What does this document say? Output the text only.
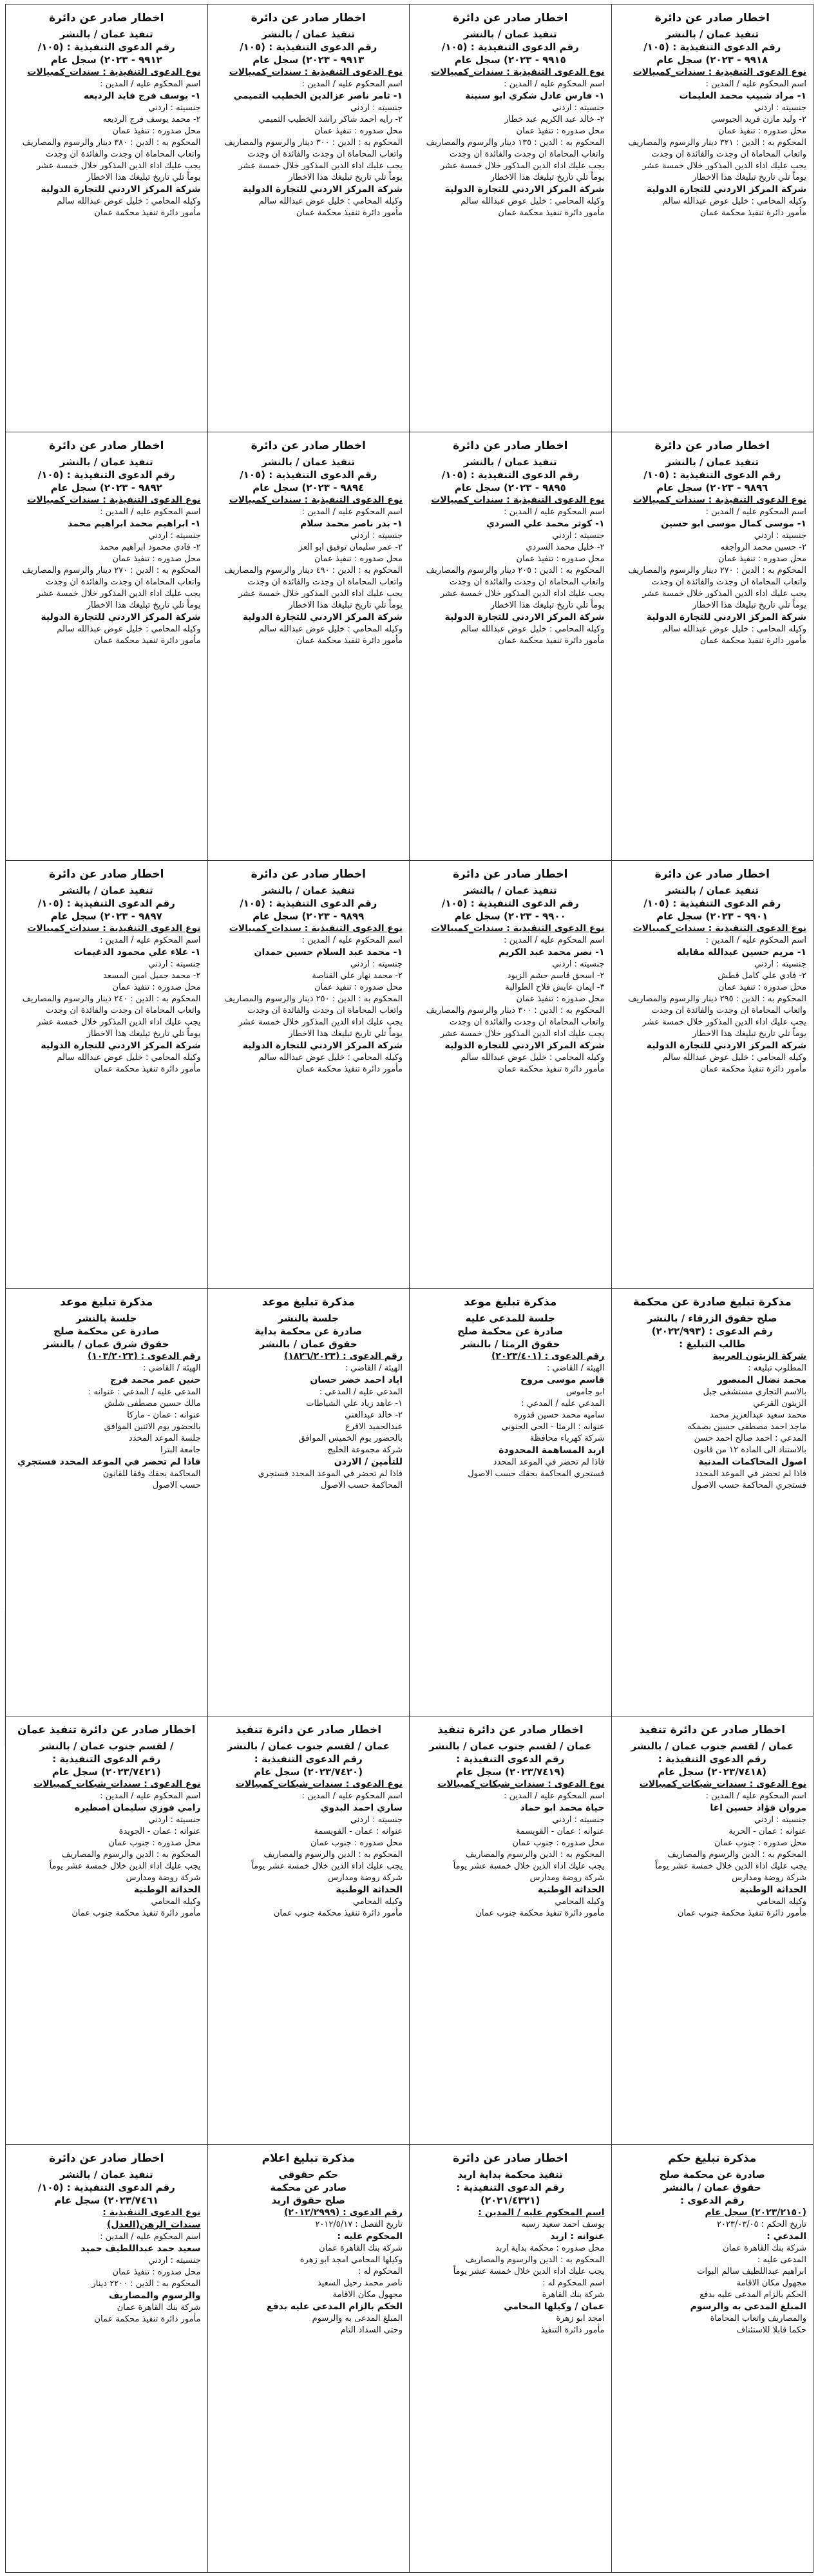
اخطار صادر عن دائرة

تنفيذ عمان / بالنشر

رقم الدعوى التنفيذية : (١٠٥/

٩٩١٢ - ٢٠٢٣) سجل عام

نوع الدعوى التنفيذية : سندات_كمبيالات

اسم المحكوم عليه / المدين :

١- يوسف فرج فايد الرديعه

جنسيته : اردني

٢- محمد يوسف فرج الرديعه

محل صدوره : تنفيذ عمان

المحكوم به : الدين : ٣٨٠ دينار والرسوم والمصاريف

واتعاب المحاماة ان وجدت والفائدة ان وجدت

يجب عليك اداء الدين المذكور خلال خمسة عشر

يوماً تلي تاريخ تبليغك هذا الاخطار

شركة المركز الاردني للتجارة الدولية

وكيله المحامي : خليل عوض عبدالله سالم

مأمور دائرة تنفيذ محكمة عمان

اخطار صادر عن دائرة

تنفيذ عمان / بالنشر

رقم الدعوى التنفيذية : (١٠٥/

٩٩١٣ - ٢٠٢٣) سجل عام

نوع الدعوى التنفيذية : سندات_كمبيالات

اسم المحكوم عليه / المدين :

١- ثامر ناصر عزالدين الخطيب التميمي

جنسيته : اردني

٢- رايه احمد شاكر راشد الخطيب التميمي

محل صدوره : تنفيذ عمان

المحكوم به : الدين : ٣٠٠ دينار والرسوم والمصاريف

واتعاب المحاماة ان وجدت والفائدة ان وجدت

يجب عليك اداء الدين المذكور خلال خمسة عشر

يوماً تلي تاريخ تبليغك هذا الاخطار

شركة المركز الاردني للتجارة الدولية

وكيله المحامي : خليل عوض عبدالله سالم

مأمور دائرة تنفيذ محكمة عمان

اخطار صادر عن دائرة

تنفيذ عمان / بالنشر

رقم الدعوى التنفيذية : (١٠٥/

٩٩١٥ - ٢٠٢٣) سجل عام

نوع الدعوى التنفيذية : سندات_كمبيالات

اسم المحكوم عليه / المدين :

١- فارس عادل شكري ابو سنينة

جنسيته : اردني

٢- خالد عبد الكريم عبد خطار

محل صدوره : تنفيذ عمان

المحكوم به : الدين : ١٣٥ دينار والرسوم والمصاريف

واتعاب المحاماة ان وجدت والفائدة ان وجدت

يجب عليك اداء الدين المذكور خلال خمسة عشر

يوماً تلي تاريخ تبليغك هذا الاخطار

شركة المركز الاردني للتجارة الدولية

وكيله المحامي : خليل عوض عبدالله سالم

مأمور دائرة تنفيذ محكمة عمان

اخطار صادر عن دائرة

تنفيذ عمان / بالنشر

رقم الدعوى التنفيذية : (١٠٥/

٩٩١٨ - ٢٠٢٣) سجل عام

نوع الدعوى التنفيذية : سندات_كمبيالات

اسم المحكوم عليه / المدين :

١- مراد شبيب محمد العليمات

جنسيته : اردني

٢- وليد مازن فريد الجيوسي

محل صدوره : تنفيذ عمان

المحكوم به : الدين : ٣٢١ دينار والرسوم والمصاريف

واتعاب المحاماة ان وجدت والفائدة ان وجدت

يجب عليك اداء الدين المذكور خلال خمسة عشر

يوماً تلي تاريخ تبليغك هذا الاخطار

شركة المركز الاردني للتجارة الدولية

وكيله المحامي : خليل عوض عبدالله سالم

مأمور دائرة تنفيذ محكمة عمان

اخطار صادر عن دائرة

تنفيذ عمان / بالنشر

رقم الدعوى التنفيذية : (١٠٥/

٩٨٩٢ - ٢٠٢٣) سجل عام

نوع الدعوى التنفيذية : سندات_كمبيالات

اسم المحكوم عليه / المدين :

١- ابراهيم محمد ابراهيم محمد

جنسيته : اردني

٢- فادي محمود ابراهيم محمد

محل صدوره : تنفيذ عمان

المحكوم به : الدين : ٢٧٠ دينار والرسوم والمصاريف

واتعاب المحاماة ان وجدت والفائدة ان وجدت

يجب عليك اداء الدين المذكور خلال خمسة عشر

يوماً تلي تاريخ تبليغك هذا الاخطار

شركة المركز الاردني للتجارة الدولية

وكيله المحامي : خليل عوض عبدالله سالم

مأمور دائرة تنفيذ محكمة عمان

اخطار صادر عن دائرة

تنفيذ عمان / بالنشر

رقم الدعوى التنفيذية : (١٠٥/

٩٨٩٤ - ٢٠٢٣) سجل عام

نوع الدعوى التنفيذية : سندات_كمبيالات

اسم المحكوم عليه / المدين :

١- بدر ناصر محمد سلام

جنسيته : اردني

٢- عمر سليمان توفيق ابو العز

محل صدوره : تنفيذ عمان

المحكوم به : الدين : ٤٩٠ دينار والرسوم والمصاريف

واتعاب المحاماة ان وجدت والفائدة ان وجدت

يجب عليك اداء الدين المذكور خلال خمسة عشر

يوماً تلي تاريخ تبليغك هذا الاخطار

شركة المركز الاردني للتجارة الدولية

وكيله المحامي : خليل عوض عبدالله سالم

مأمور دائرة تنفيذ محكمة عمان

اخطار صادر عن دائرة

تنفيذ عمان / بالنشر

رقم الدعوى التنفيذية : (١٠٥/

٩٨٩٥ - ٢٠٢٣) سجل عام

نوع الدعوى التنفيذية : سندات_كمبيالات

اسم المحكوم عليه / المدين :

١- كوثر محمد علي السردي

جنسيته : اردني

٢- خليل محمد السردي

محل صدوره : تنفيذ عمان

المحكوم به : الدين : ٢٠٥ دينار والرسوم والمصاريف

واتعاب المحاماة ان وجدت والفائدة ان وجدت

يجب عليك اداء الدين المذكور خلال خمسة عشر

يوماً تلي تاريخ تبليغك هذا الاخطار

شركة المركز الاردني للتجارة الدولية

وكيله المحامي : خليل عوض عبدالله سالم

مأمور دائرة تنفيذ محكمة عمان

اخطار صادر عن دائرة

تنفيذ عمان / بالنشر

رقم الدعوى التنفيذية : (١٠٥/

٩٨٩٦ - ٢٠٢٣) سجل عام

نوع الدعوى التنفيذية : سندات_كمبيالات

اسم المحكوم عليه / المدين :

١- موسى كمال موسى ابو حسين

جنسيته : اردني

٢- حسين محمد الرواجفه

محل صدوره : تنفيذ عمان

المحكوم به : الدين : ٢٧٠ دينار والرسوم والمصاريف

واتعاب المحاماة ان وجدت والفائدة ان وجدت

يجب عليك اداء الدين المذكور خلال خمسة عشر

يوماً تلي تاريخ تبليغك هذا الاخطار

شركة المركز الاردني للتجارة الدولية

وكيله المحامي : خليل عوض عبدالله سالم

مأمور دائرة تنفيذ محكمة عمان

اخطار صادر عن دائرة

تنفيذ عمان / بالنشر

رقم الدعوى التنفيذية : (١٠٥/

٩٨٩٧ - ٢٠٢٣) سجل عام

نوع الدعوى التنفيذية : سندات_كمبيالات

اسم المحكوم عليه / المدين :

١- علاء علي محمود الدغيمات

جنسيته : اردني

٢- محمد جميل امين المسعد

محل صدوره : تنفيذ عمان

المحكوم به : الدين : ٢٤٠ دينار والرسوم والمصاريف

واتعاب المحاماة ان وجدت والفائدة ان وجدت

يجب عليك اداء الدين المذكور خلال خمسة عشر

يوماً تلي تاريخ تبليغك هذا الاخطار

شركة المركز الاردني للتجارة الدولية

وكيله المحامي : خليل عوض عبدالله سالم

مأمور دائرة تنفيذ محكمة عمان

اخطار صادر عن دائرة

تنفيذ عمان / بالنشر

رقم الدعوى التنفيذية : (١٠٥/

٩٨٩٩ - ٢٠٢٣) سجل عام

نوع الدعوى التنفيذية : سندات_كمبيالات

اسم المحكوم عليه / المدين :

١- محمد عبد السلام حسين حمدان

جنسيته : اردني

٢- محمد نهار علي القناصة

محل صدوره : تنفيذ عمان

المحكوم به : الدين : ٢٥٠ دينار والرسوم والمصاريف

واتعاب المحاماة ان وجدت والفائدة ان وجدت

يجب عليك اداء الدين المذكور خلال خمسة عشر

يوماً تلي تاريخ تبليغك هذا الاخطار

شركة المركز الاردني للتجارة الدولية

وكيله المحامي : خليل عوض عبدالله سالم

مأمور دائرة تنفيذ محكمة عمان

اخطار صادر عن دائرة

تنفيذ عمان / بالنشر

رقم الدعوى التنفيذية : (١٠٥/

٩٩٠٠ - ٢٠٢٣) سجل عام

نوع الدعوى التنفيذية : سندات_كمبيالات

اسم المحكوم عليه / المدين :

١- نصر محمد عبد الكريم

جنسيته : اردني

٢- اسحق قاسم حشم الزيود

٣- ايمان عايش فلاح الطوالبة

محل صدوره : تنفيذ عمان

المحكوم به : الدين : ٣٠٠ دينار والرسوم والمصاريف

واتعاب المحاماة ان وجدت والفائدة ان وجدت

يجب عليك اداء الدين المذكور خلال خمسة عشر

شركة المركز الاردني للتجارة الدولية

وكيله المحامي : خليل عوض عبدالله سالم

مأمور دائرة تنفيذ محكمة عمان

اخطار صادر عن دائرة

تنفيذ عمان / بالنشر

رقم الدعوى التنفيذية : (١٠٥/

٩٩٠١ - ٢٠٢٣) سجل عام

نوع الدعوى التنفيذية : سندات_كمبيالات

اسم المحكوم عليه / المدين :

١- مريم حسين عبدالله مقابله

جنسيته : اردني

٢- فادي علي كامل قطش

محل صدوره : تنفيذ عمان

المحكوم به : الدين : ٢٩٥ دينار والرسوم والمصاريف

واتعاب المحاماة ان وجدت والفائدة ان وجدت

يجب عليك اداء الدين المذكور خلال خمسة عشر

يوماً تلي تاريخ تبليغك هذا الاخطار

شركة المركز الاردني للتجارة الدولية

وكيله المحامي : خليل عوض عبدالله سالم

مأمور دائرة تنفيذ محكمة عمان

مذكرة تبليغ موعد

جلسة بالنشر

صادرة عن محكمة صلح

حقوق شرق عمان / بالنشر

رقم الدعوى : (١٠٣/٢٠٢٣)

الهيئة / القاضي :

حنين عمر محمد فرج

المدعي عليه / المدعي : عنوانه :

مالك حسين مصطفى شلش

عنوانه : عمان - ماركا

بالحضور يوم الاثنين الموافق

جلسة الموعد المحدد

جامعة البترا

فاذا لم تحضر في الموعد المحدد فستجري

المحاكمة بحقك وفقا للقانون

حسب الاصول

مذكرة تبليغ موعد

جلسة بالنشر

صادرة عن محكمة بداية

حقوق عمان / بالنشر

رقم الدعوى : (١٨٢٦/٢٠٢٣)

الهيئة / القاضي :

اياد احمد خضر حسان

المدعي عليه / المدعي :

١- عاهد زياد علي الشياطات

٢- خالد عبدالغني

عبدالحميد الاقرع

بالحضور يوم الخميس الموافق

شركة مجموعة الخليج

للتأمين / الاردن

فاذا لم تحضر في الموعد المحدد فستجري

المحاكمة حسب الاصول

مذكرة تبليغ موعد

جلسة للمدعى عليه

صادرة عن محكمة صلح

حقوق الرمثا / بالنشر

رقم الدعوى : (٢٠٢٣/٤٠١)

الهيئة / القاضي :

قاسم موسى مروح

ابو جاموس

المدعي عليه / المدعي :

ساميه محمد حسين قدوره

عنوانه : الرمثا - الحي الجنوبي

شركة كهرباء محافظة

اربد المساهمة المحدودة

فاذا لم تحضر في الموعد المحدد

فستجري المحاكمة بحقك حسب الاصول

مذكرة تبليغ صادرة عن محكمة

صلح حقوق الزرقاء / بالنشر

رقم الدعوى : (٢٠٢٢/٩٩٣)

طالب التبليغ :

شركة الزيتون العربية

المطلوب تبليغه :

محمد نضال المنصور

بالاسم التجاري مستشفى جبل

الزيتون القرعي

محمد سعيد عبدالعزيز محمد

ماجد احمد مصطفى حسين بصمكه

المدعي : احمد صالح احمد حسن

بالاستناد الى المادة ١٢ من قانون

اصول المحاكمات المدنية

فاذا لم تحضر في الموعد المحدد

فستجري المحاكمة حسب الاصول

اخطار صادر عن دائرة تنفيذ عمان

/ لقسم جنوب عمان / بالنشر

رقم الدعوى التنفيذية :

(٢٠٢٣/٧٤٢١) سجل عام

نوع الدعوى : سندات_شيكات_كمبيالات

اسم المحكوم عليه / المدين :

رامي فوزي سليمان اصطيره

جنسيته : اردني

عنوانه : عمان - الجويدة

محل صدوره : جنوب عمان

المحكوم به : الدين والرسوم والمصاريف

يجب عليك اداء الدين خلال خمسة عشر يوماً

شركة روضة ومدارس

الحداثة الوطنية

وكيله المحامي

مأمور دائرة تنفيذ محكمة جنوب عمان

اخطار صادر عن دائرة تنفيذ

عمان / لقسم جنوب عمان / بالنشر

رقم الدعوى التنفيذية :

(٢٠٢٣/٧٤٢٠) سجل عام

نوع الدعوى : سندات_شيكات_كمبيالات

اسم المحكوم عليه / المدين :

ساري احمد البدوي

جنسيته : اردني

عنوانه : عمان - القويسمة

محل صدوره : جنوب عمان

المحكوم به : الدين والرسوم والمصاريف

يجب عليك اداء الدين خلال خمسة عشر يوماً

شركة روضة ومدارس

الحداثة الوطنية

وكيله المحامي

مأمور دائرة تنفيذ محكمة جنوب عمان

اخطار صادر عن دائرة تنفيذ

عمان / لقسم جنوب عمان / بالنشر

رقم الدعوى التنفيذية :

(٢٠٢٣/٧٤١٩) سجل عام

نوع الدعوى : سندات_شيكات_كمبيالات

اسم المحكوم عليه / المدين :

حياة محمد ابو حماد

جنسيته : اردني

عنوانه : عمان - القويسمة

محل صدوره : جنوب عمان

المحكوم به : الدين والرسوم والمصاريف

يجب عليك اداء الدين خلال خمسة عشر يوماً

شركة روضة ومدارس

الحداثة الوطنية

وكيله المحامي

مأمور دائرة تنفيذ محكمة جنوب عمان

اخطار صادر عن دائرة تنفيذ

عمان / لقسم جنوب عمان / بالنشر

رقم الدعوى التنفيذية :

(٢٠٢٣/٧٤١٨) سجل عام

نوع الدعوى : سندات_شيكات_كمبيالات

اسم المحكوم عليه / المدين :

مروان فؤاد حسين اغا

جنسيته : اردني

عنوانه : عمان - الحرية

محل صدوره : جنوب عمان

المحكوم به : الدين والرسوم والمصاريف

يجب عليك اداء الدين خلال خمسة عشر يوماً

شركة روضة ومدارس

الحداثة الوطنية

وكيله المحامي

مأمور دائرة تنفيذ محكمة جنوب عمان

اخطار صادر عن دائرة

تنفيذ عمان / بالنشر

رقم الدعوى التنفيذية : (١٠٥/

٢٠٢٣/٧٤٦١) سجل عام

نوع الدعوى التنفيذية : سندات_الرهن(العدل)

اسم المحكوم عليه / المدين :

سعيد حمد عبداللطيف حميد

جنسيته : اردني

محل صدوره : تنفيذ عمان

المحكوم به : الدين : ٢٢٠٠ دينار

والرسوم والمصاريف

شركة بنك القاهرة عمان

مأمور دائرة تنفيذ محكمة عمان

مذكرة تبليغ اعلام

حكم حقوقي

صادر عن محكمة

صلح حقوق اربد

رقم الدعوى : (٢٠١٢/٢٩٩٩)

تاريخ الفصل : ٢٠١٢/٥/١٧

المحكوم عليه :

شركة بنك القاهرة عمان

وكيلها المحامي امجد ابو زهرة

المحكوم له :

ناصر محمد رحيل السعيد

مجهول مكان الاقامة

الحكم بالزام المدعى عليه بدفع

المبلغ المدعى به والرسوم

وحتى السداد التام

اخطار صادر عن دائرة

تنفيذ محكمة بداية اربد

رقم الدعوى التنفيذية :

(٢٠٢١/٤٣٢١)

اسم المحكوم عليه / المدين :

يوسف احمد سعيد رسبه

عنوانه : اربد

محل صدوره : محكمة بداية اربد

المحكوم به : الدين والرسوم والمصاريف

يجب عليك اداء الدين خلال خمسة عشر يوماً

اسم المحكوم له :

شركة بنك القاهرة

عمان / وكيلها المحامي

امجد ابو زهرة

مأمور دائرة التنفيذ

مذكرة تبليغ حكم

صادرة عن محكمة صلح

حقوق عمان / بالنشر

رقم الدعوى :

(٢٠٢٣/٢١٥٠) سجل عام

تاريخ الحكم : ٢٠٢٣/٠٣/٠٥

المدعي :

شركة بنك القاهرة عمان

المدعى عليه :

ابراهيم عبداللطيف سالم البوات

مجهول مكان الاقامة

الحكم بالزام المدعى عليه بدفع

المبلغ المدعى به والرسوم

والمصاريف واتعاب المحاماة

حكما قابلا للاستئناف
